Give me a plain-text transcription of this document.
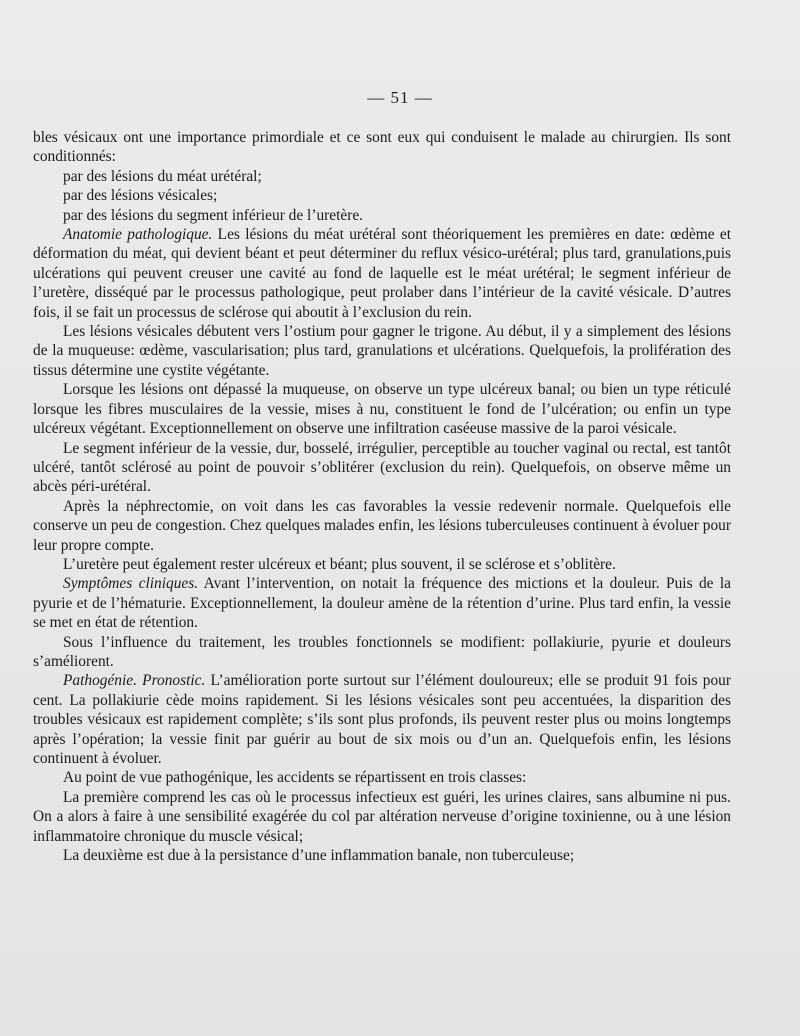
— 51 —

bles vésicaux ont une importance primordiale et ce sont eux qui conduisent le malade au chirurgien. Ils sont conditionnés:

par des lésions du méat urétéral;

par des lésions vésicales;

par des lésions du segment inférieur de l’uretère.

Anatomie pathologique. Les lésions du méat urétéral sont théoriquement les premières en date: œdème et déformation du méat, qui devient béant et peut déterminer du reflux vésico-urétéral; plus tard, granulations,puis ulcérations qui peuvent creuser une cavité au fond de laquelle est le méat urétéral; le segment inférieur de l’uretère, disséqué par le processus pathologique, peut prolaber dans l’intérieur de la cavité vésicale. D’autres fois, il se fait un processus de sclérose qui aboutit à l’exclusion du rein.

Les lésions vésicales débutent vers l’ostium pour gagner le trigone. Au début, il y a simplement des lésions de la muqueuse: œdème, vascularisation; plus tard, granulations et ulcérations. Quelquefois, la prolifération des tissus détermine une cystite végétante.

Lorsque les lésions ont dépassé la muqueuse, on observe un type ulcéreux banal; ou bien un type réticulé lorsque les fibres musculaires de la vessie, mises à nu, constituent le fond de l’ulcération; ou enfin un type ulcéreux végétant. Exceptionnellement on observe une infiltration caséeuse massive de la paroi vésicale.

Le segment inférieur de la vessie, dur, bosselé, irrégulier, perceptible au toucher vaginal ou rectal, est tantôt ulcéré, tantôt sclérosé au point de pouvoir s’oblitérer (exclusion du rein). Quelquefois, on observe même un abcès péri-urétéral.

Après la néphrectomie, on voit dans les cas favorables la vessie redevenir normale. Quelquefois elle conserve un peu de congestion. Chez quelques malades enfin, les lésions tuberculeuses continuent à évoluer pour leur propre compte.

L’uretère peut également rester ulcéreux et béant; plus souvent, il se sclérose et s’oblitère.

Symptômes cliniques. Avant l’intervention, on notait la fréquence des mictions et la douleur. Puis de la pyurie et de l’hématurie. Exceptionnellement, la douleur amène de la rétention d’urine. Plus tard enfin, la vessie se met en état de rétention.

Sous l’influence du traitement, les troubles fonctionnels se modifient: pollakiurie, pyurie et douleurs s’améliorent.

Pathogénie. Pronostic. L’amélioration porte surtout sur l’élément douloureux; elle se produit 91 fois pour cent. La pollakiurie cède moins rapidement. Si les lésions vésicales sont peu accentuées, la disparition des troubles vésicaux est rapidement complète; s’ils sont plus profonds, ils peuvent rester plus ou moins longtemps après l’opération; la vessie finit par guérir au bout de six mois ou d’un an. Quelquefois enfin, les lésions continuent à évoluer.

Au point de vue pathogénique, les accidents se répartissent en trois classes:

La première comprend les cas où le processus infectieux est guéri, les urines claires, sans albumine ni pus. On a alors à faire à une sensibilité exagérée du col par altération nerveuse d’origine toxinienne, ou à une lésion inflammatoire chronique du muscle vésical;

La deuxième est due à la persistance d’une inflammation banale, non tuberculeuse;
